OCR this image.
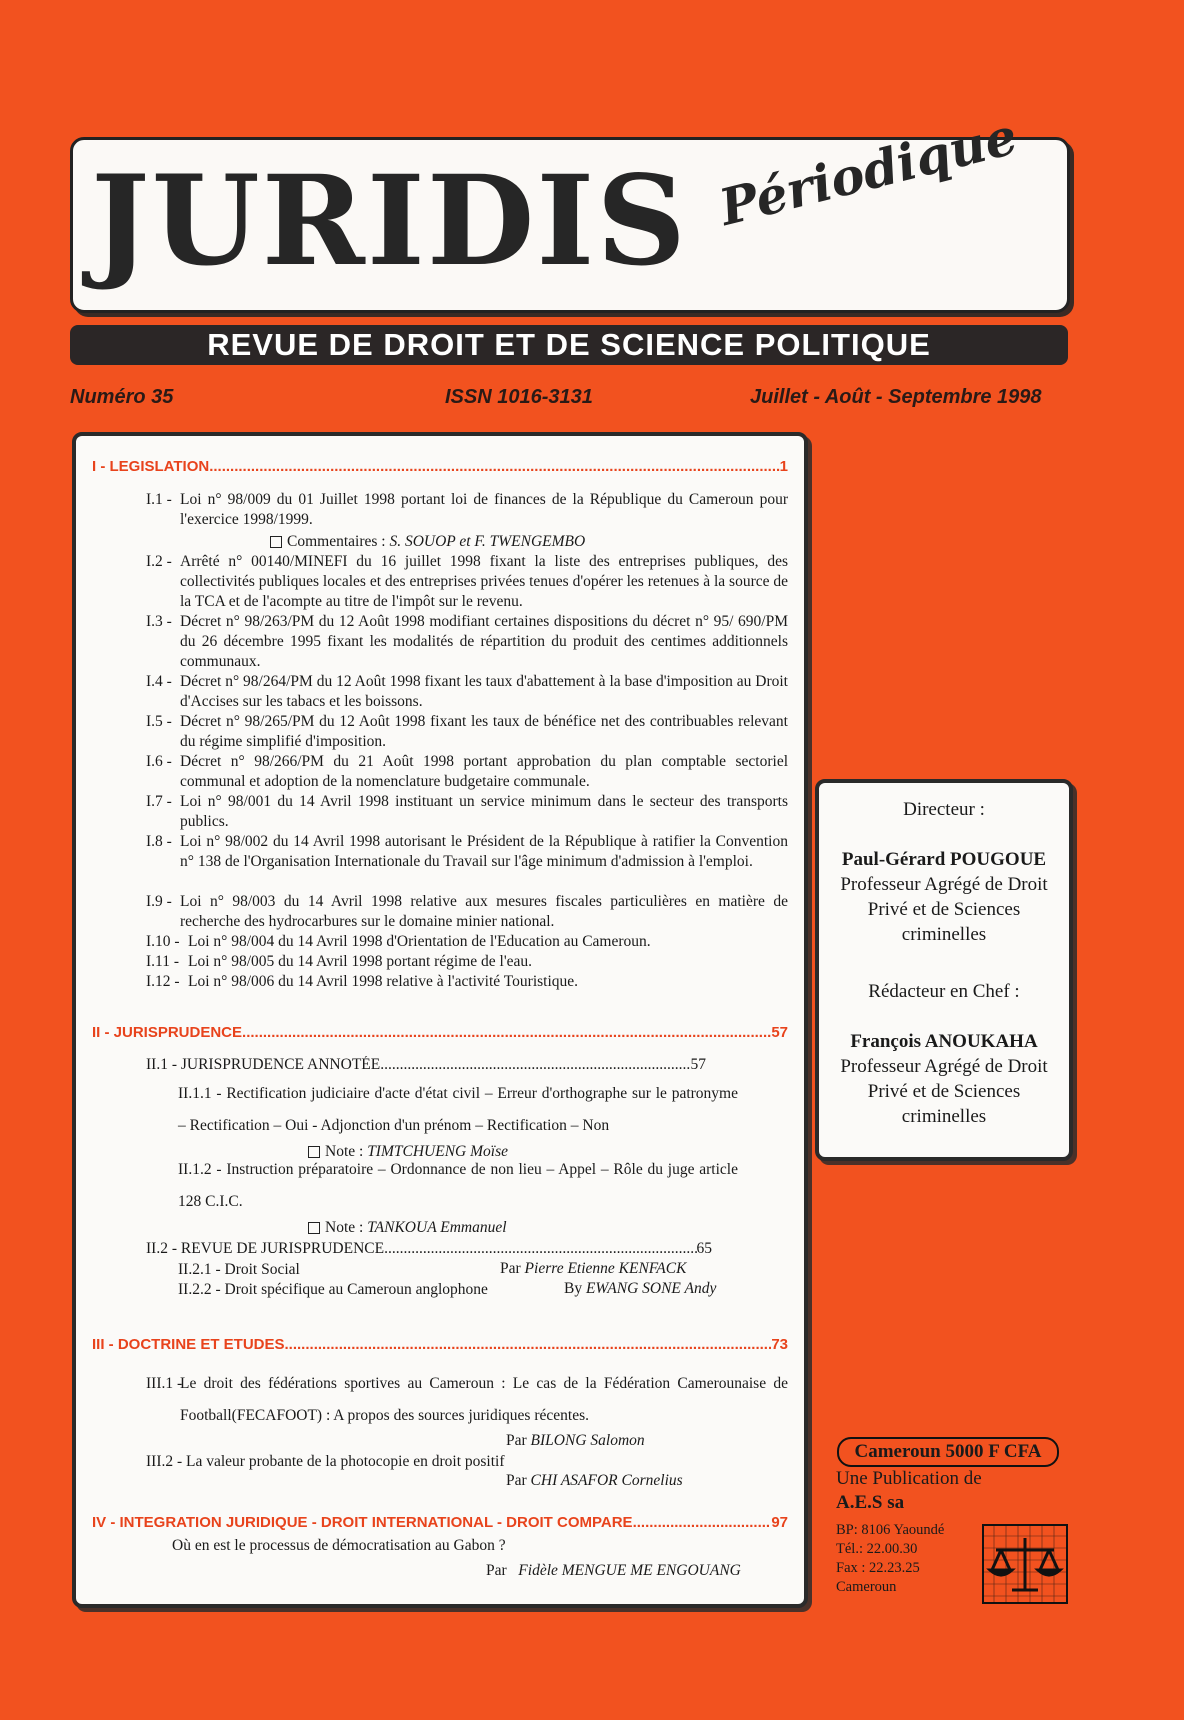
JURIDIS Périodique
REVUE DE DROIT ET DE SCIENCE POLITIQUE
Numéro 35	ISSN 1016-3131	Juillet - Août - Septembre 1998
I - LEGISLATION .....	1
I.1 - Loi n° 98/009 du 01 Juillet 1998 portant loi de finances de la République du Cameroun pour l'exercice 1998/1999.
Commentaires : S. SOUOP et F. TWENGEMBO
I.2 - Arrêté n° 00140/MINEFI du 16 juillet 1998 fixant la liste des entreprises publiques, des collectivités publiques locales et des entreprises privées tenues d'opérer les retenues à la source de la TCA et de l'acompte au titre de l'impôt sur le revenu.
I.3 - Décret n° 98/263/PM du 12 Août 1998 modifiant certaines dispositions du décret n° 95/ 690/PM du 26 décembre 1995 fixant les modalités de répartition du produit des centimes additionnels communaux.
I.4 - Décret n° 98/264/PM du 12 Août 1998 fixant les taux d'abattement à la base d'imposition au Droit d'Accises sur les tabacs et les boissons.
I.5 - Décret n° 98/265/PM du 12 Août 1998 fixant les taux de bénéfice net des contribuables relevant du régime simplifié d'imposition.
I.6 - Décret n° 98/266/PM du 21 Août 1998 portant approbation du plan comptable sectoriel communal et adoption de la nomenclature budgetaire communale.
I.7 - Loi n° 98/001 du 14 Avril 1998 instituant un service minimum dans le secteur des transports publics.
I.8 - Loi n° 98/002 du 14 Avril 1998 autorisant le Président de la République à ratifier la Convention n° 138 de l'Organisation Internationale du Travail sur l'âge minimum d'admission à l'emploi.
I.9 - Loi n° 98/003 du 14 Avril 1998 relative aux mesures fiscales particulières en matière de recherche des hydrocarbures sur le domaine minier national.
I.10 - Loi n° 98/004 du 14 Avril 1998 d'Orientation de l'Education au Cameroun.
I.11 - Loi n° 98/005 du 14 Avril 1998 portant régime de l'eau.
I.12 - Loi n° 98/006 du 14 Avril 1998 relative à l'activité Touristique.
II - JURISPRUDENCE .....	57
II.1 - JURISPRUDENCE ANNOTÉE .....	57
II.1.1 - Rectification judiciaire d'acte d'état civil – Erreur d'orthographe sur le patronyme – Rectification – Oui - Adjonction d'un prénom – Rectification – Non
Note : TIMTCHUENG Moïse
II.1.2 - Instruction préparatoire – Ordonnance de non lieu – Appel – Rôle du juge article 128 C.I.C.
Note : TANKOUA Emmanuel
II.2 - REVUE DE JURISPRUDENCE .....	65
II.2.1 - Droit Social	Par Pierre Etienne KENFACK
II.2.2 - Droit spécifique au Cameroun anglophone	By EWANG SONE Andy
III - DOCTRINE ET ETUDES .....	73
III.1 -
Le droit des fédérations sportives au Cameroun : Le cas de la Fédération Camerounaise de Football(FECAFOOT) : A propos des sources juridiques récentes.
Par BILONG Salomon
III.2 - La valeur probante de la photocopie en droit positif
Par CHI ASAFOR Cornelius
IV - INTEGRATION JURIDIQUE - DROIT INTERNATIONAL - DROIT COMPARE .....	97
Où en est le processus de démocratisation au Gabon ?
Par Fidèle MENGUE ME ENGOUANG
Directeur :
Paul-Gérard POUGOUE
Professeur Agrégé de Droit
Privé et de Sciences
criminelles
Rédacteur en Chef :
François ANOUKAHA
Professeur Agrégé de Droit
Privé et de Sciences
criminelles
Cameroun 5000 F CFA
Une Publication de
A.E.S sa
BP: 8106 Yaoundé
Tél.: 22.00.30
Fax : 22.23.25
Cameroun
